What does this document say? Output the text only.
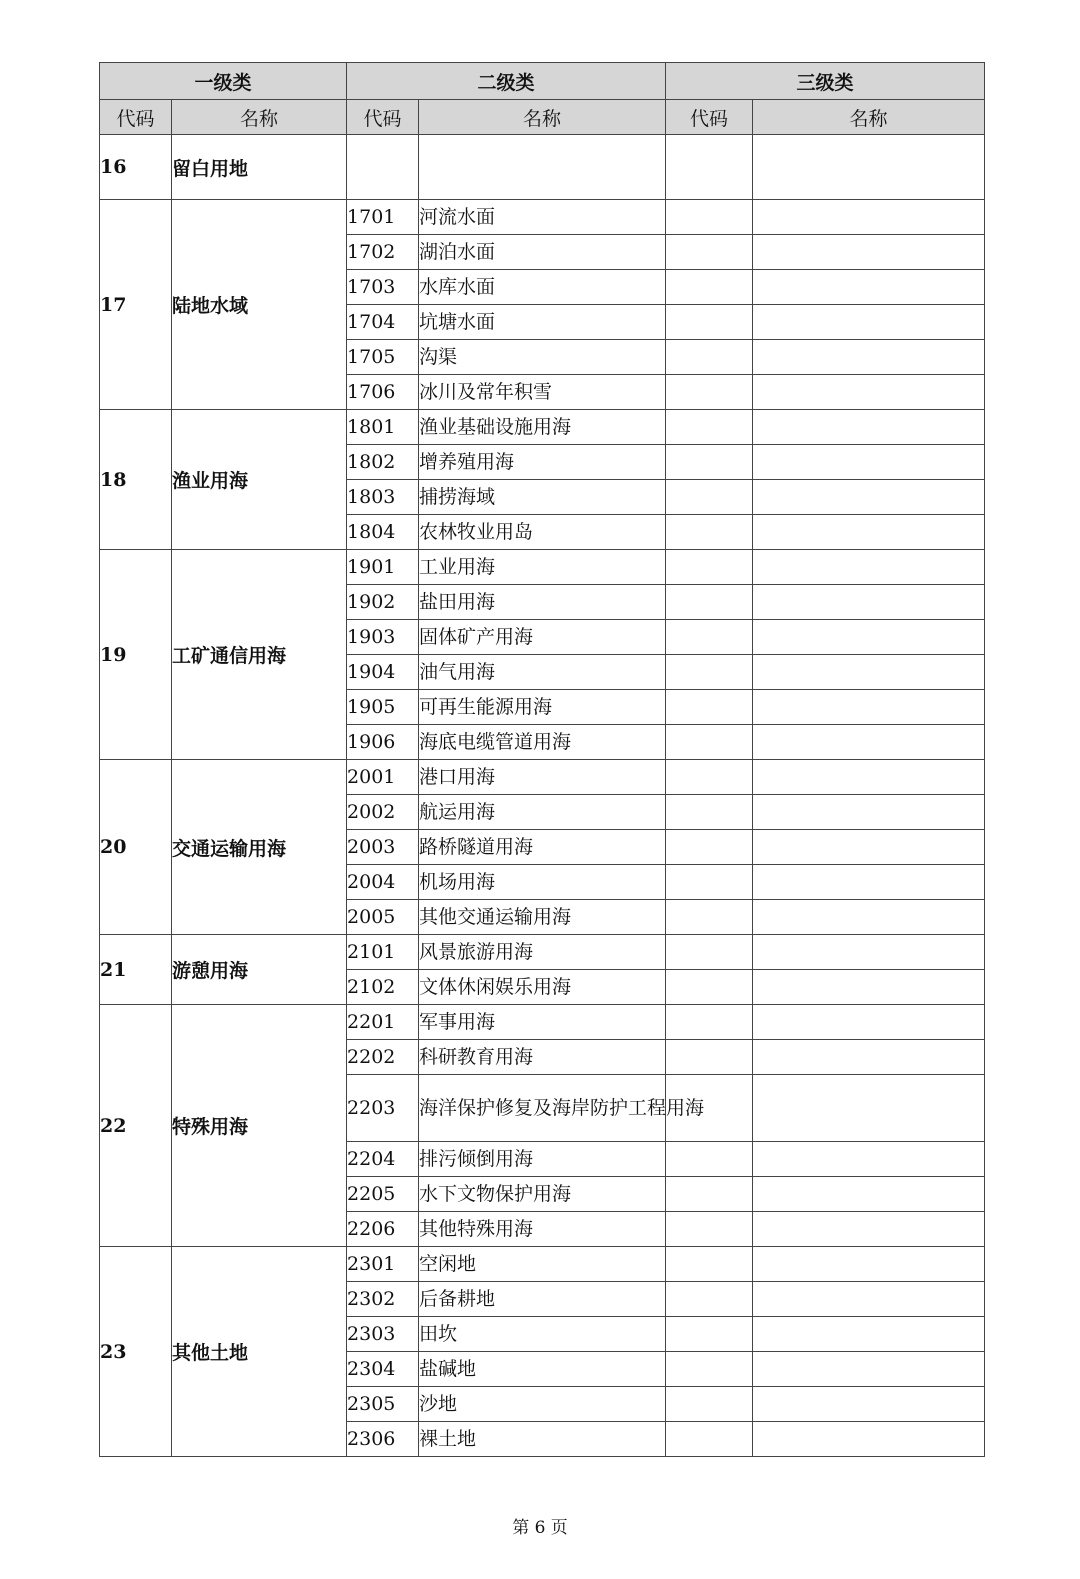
一级类		二级类		三级类	
代码	名称	代码	名称	代码	名称
16	留白用地				
17	陆地水域	1701	河流水面		
		1702	湖泊水面		
		1703	水库水面		
		1704	坑塘水面		
		1705	沟渠		
		1706	冰川及常年积雪		
18	渔业用海	1801	渔业基础设施用海		
		1802	增养殖用海		
		1803	捕捞海域		
		1804	农林牧业用岛		
19	工矿通信用海	1901	工业用海		
		1902	盐田用海		
		1903	固体矿产用海		
		1904	油气用海		
		1905	可再生能源用海		
		1906	海底电缆管道用海		
20	交通运输用海	2001	港口用海		
		2002	航运用海		
		2003	路桥隧道用海		
		2004	机场用海		
		2005	其他交通运输用海		
21	游憩用海	2101	风景旅游用海		
		2102	文体休闲娱乐用海		
22	特殊用海	2201	军事用海		
		2202	科研教育用海		
		2203	海洋保护修复及海岸防护工程用海		
		2204	排污倾倒用海		
		2205	水下文物保护用海		
		2206	其他特殊用海		
23	其他土地	2301	空闲地		
		2302	后备耕地		
		2303	田坎		
		2304	盐碱地		
		2305	沙地		
		2306	裸土地		
第 6 页
